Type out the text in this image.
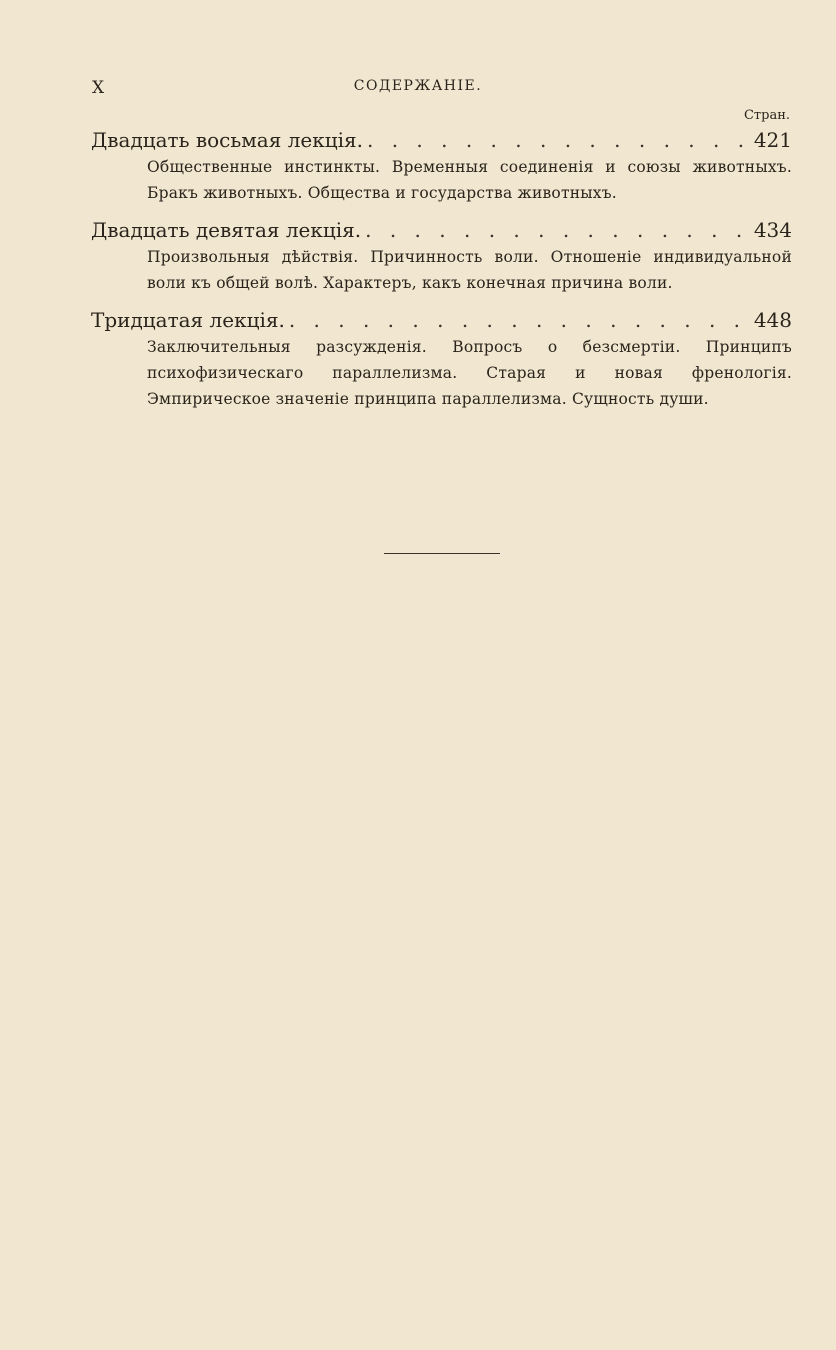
X	СОДЕРЖАНІЕ.
Стран.
Двадцать восьмая лекція. . . .	421
Общественные инстинкты. Временныя соединенія и союзы животныхъ. Бракъ животныхъ. Общества и государства животныхъ.
Двадцать девятая лекція. . . .	434
Произвольныя дѣйствія. Причинность воли. Отношеніе индивидуальной воли къ общей волѣ. Характеръ, какъ конечная причина воли.
Тридцатая лекція. . . .	448
Заключительныя разсужденія. Вопросъ о безсмертіи. Принципъ психофизическаго параллелизма. Старая и новая френологія. Эмпирическое значеніе принципа параллелизма. Сущность души.
